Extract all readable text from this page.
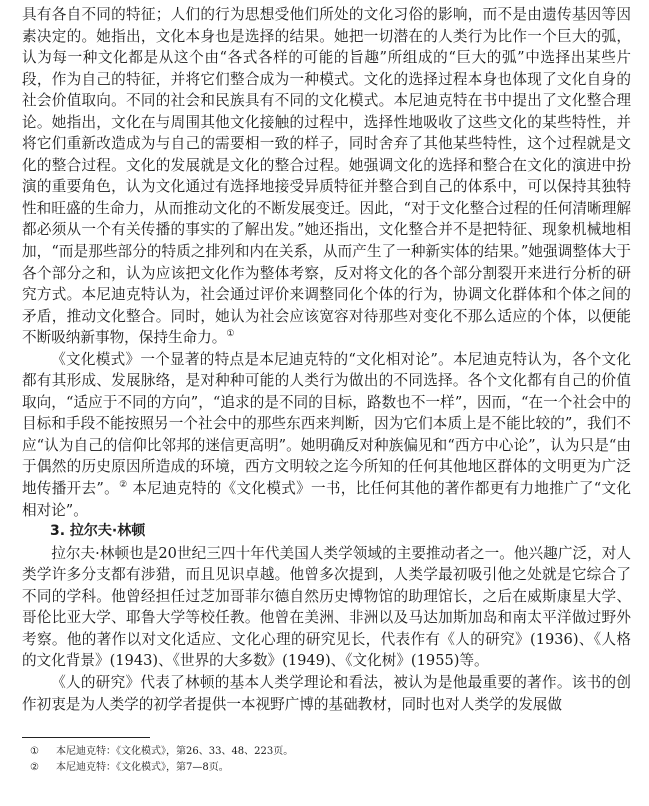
具有各自不同的特征；人们的行为思想受他们所处的文化习俗的影响，而不是由遗传基因等因素决定的。她指出，文化本身也是选择的结果。她把一切潜在的人类行为比作一个巨大的弧，认为每一种文化都是从这个由“各式各样的可能的旨趣”所组成的“巨大的弧”中选择出某些片段，作为自己的特征，并将它们整合成为一种模式。文化的选择过程本身也体现了文化自身的社会价值取向。不同的社会和民族具有不同的文化模式。本尼迪克特在书中提出了文化整合理论。她指出，文化在与周围其他文化接触的过程中，选择性地吸收了这些文化的某些特性，并将它们重新改造成为与自己的需要相一致的样子，同时舍弃了其他某些特性，这个过程就是文化的整合过程。文化的发展就是文化的整合过程。她强调文化的选择和整合在文化的演进中扮演的重要角色，认为文化通过有选择地接受异质特征并整合到自己的体系中，可以保持其独特性和旺盛的生命力，从而推动文化的不断发展变迁。因此，“对于文化整合过程的任何清晰理解都必须从一个有关传播的事实的了解出发。”她还指出，文化整合并不是把特征、现象机械地相加，“而是那些部分的特质之排列和内在关系，从而产生了一种新实体的结果。”她强调整体大于各个部分之和，认为应该把文化作为整体考察，反对将文化的各个部分割裂开来进行分析的研究方式。本尼迪克特认为，社会通过评价来调整同化个体的行为，协调文化群体和个体之间的矛盾，推动文化整合。同时，她认为社会应该宽容对待那些对变化不那么适应的个体，以便能不断吸纳新事物，保持生命力。①

《文化模式》一个显著的特点是本尼迪克特的“文化相对论”。本尼迪克特认为，各个文化都有其形成、发展脉络，是对种种可能的人类行为做出的不同选择。各个文化都有自己的价值取向，“适应于不同的方向”，“追求的是不同的目标，路数也不一样”，因而，“在一个社会中的目标和手段不能按照另一个社会中的那些东西来判断，因为它们本质上是不能比较的”，我们不应“认为自己的信仰比邻邦的迷信更高明”。她明确反对种族偏见和“西方中心论”，认为只是“由于偶然的历史原因所造成的环境，西方文明较之迄今所知的任何其他地区群体的文明更为广泛地传播开去”。② 本尼迪克特的《文化模式》一书，比任何其他的著作都更有力地推广了“文化相对论”。

3. 拉尔夫·林顿

拉尔夫·林顿也是20世纪三四十年代美国人类学领域的主要推动者之一。他兴趣广泛，对人类学许多分支都有涉猎，而且见识卓越。他曾多次提到，人类学最初吸引他之处就是它综合了不同的学科。他曾经担任过芝加哥菲尔德自然历史博物馆的助理馆长，之后在威斯康星大学、哥伦比亚大学、耶鲁大学等校任教。他曾在美洲、非洲以及马达加斯加岛和南太平洋做过野外考察。他的著作以对文化适应、文化心理的研究见长，代表作有《人的研究》(1936)、《人格的文化背景》(1943)、《世界的大多数》(1949)、《文化树》(1955)等。

《人的研究》代表了林顿的基本人类学理论和看法，被认为是他最重要的著作。该书的创作初衷是为人类学的初学者提供一本视野广博的基础教材，同时也对人类学的发展做

① 本尼迪克特：《文化模式》，第26、33、48、223页。

② 本尼迪克特：《文化模式》，第7—8页。
